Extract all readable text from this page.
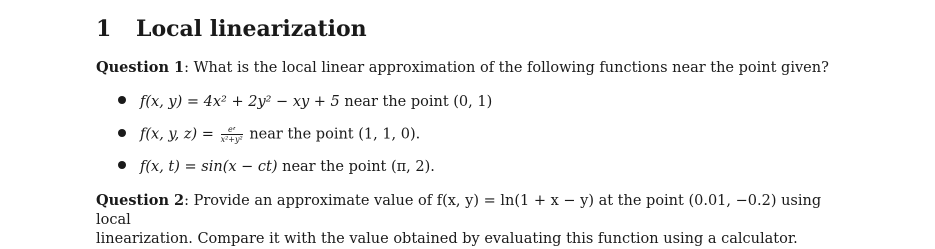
1 Local linearization
Question 1: What is the local linear approximation of the following functions near the point given?
f(x, y) = 4x² + 2y² − xy + 5 near the point (0, 1)
f(x, y, $z) = \frac{\text{eᶻ}}{\text{x²+y²}}$ near the point (1, 1, 0).
f(x, t) = sin(x − ct) near the point (π, 2).
Question 2: Provide an approximate value of f(x, y) = ln(1 + x − y) at the point (0.01, −0.2) using local
linearization. Compare it with the value obtained by evaluating this function using a calculator.
